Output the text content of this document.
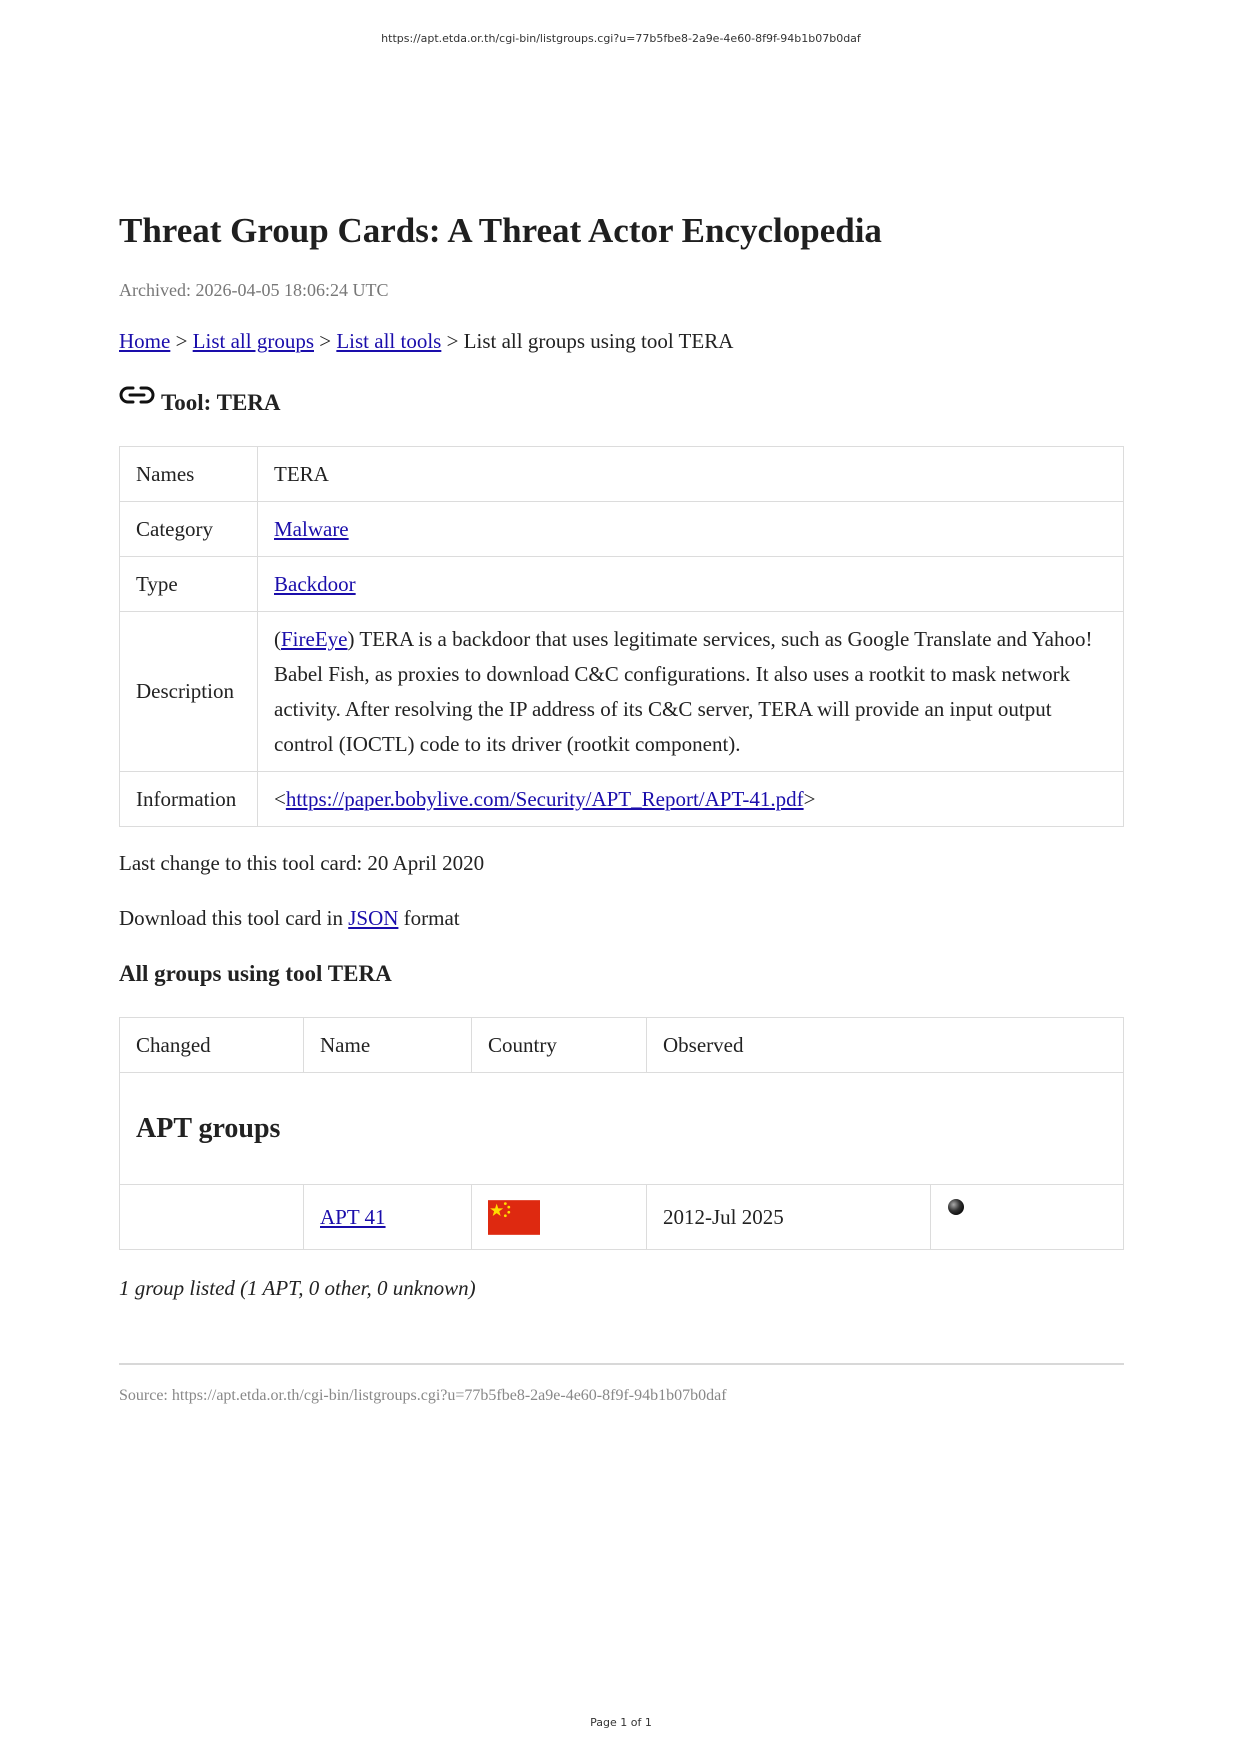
https://apt.etda.or.th/cgi-bin/listgroups.cgi?u=77b5fbe8-2a9e-4e60-8f9f-94b1b07b0daf
Threat Group Cards: A Threat Actor Encyclopedia
Archived: 2026-04-05 18:06:24 UTC
Home > List all groups > List all tools > List all groups using tool TERA
Tool: TERA
Names	TERA
Category	Malware
Type	Backdoor
Description	(FireEye) TERA is a backdoor that uses legitimate services, such as Google Translate and Yahoo! Babel Fish, as proxies to download C&C configurations. It also uses a rootkit to mask network activity. After resolving the IP address of its C&C server, TERA will provide an input output control (IOCTL) code to its driver (rootkit component).
Information	<https://paper.bobylive.com/Security/APT_Report/APT-41.pdf>
Last change to this tool card: 20 April 2020
Download this tool card in JSON format
All groups using tool TERA
Changed	Name	Country	Observed	
APT groups				
	APT 41		2012-Jul 2025	
1 group listed (1 APT, 0 other, 0 unknown)
Source: https://apt.etda.or.th/cgi-bin/listgroups.cgi?u=77b5fbe8-2a9e-4e60-8f9f-94b1b07b0daf
Page 1 of 1
